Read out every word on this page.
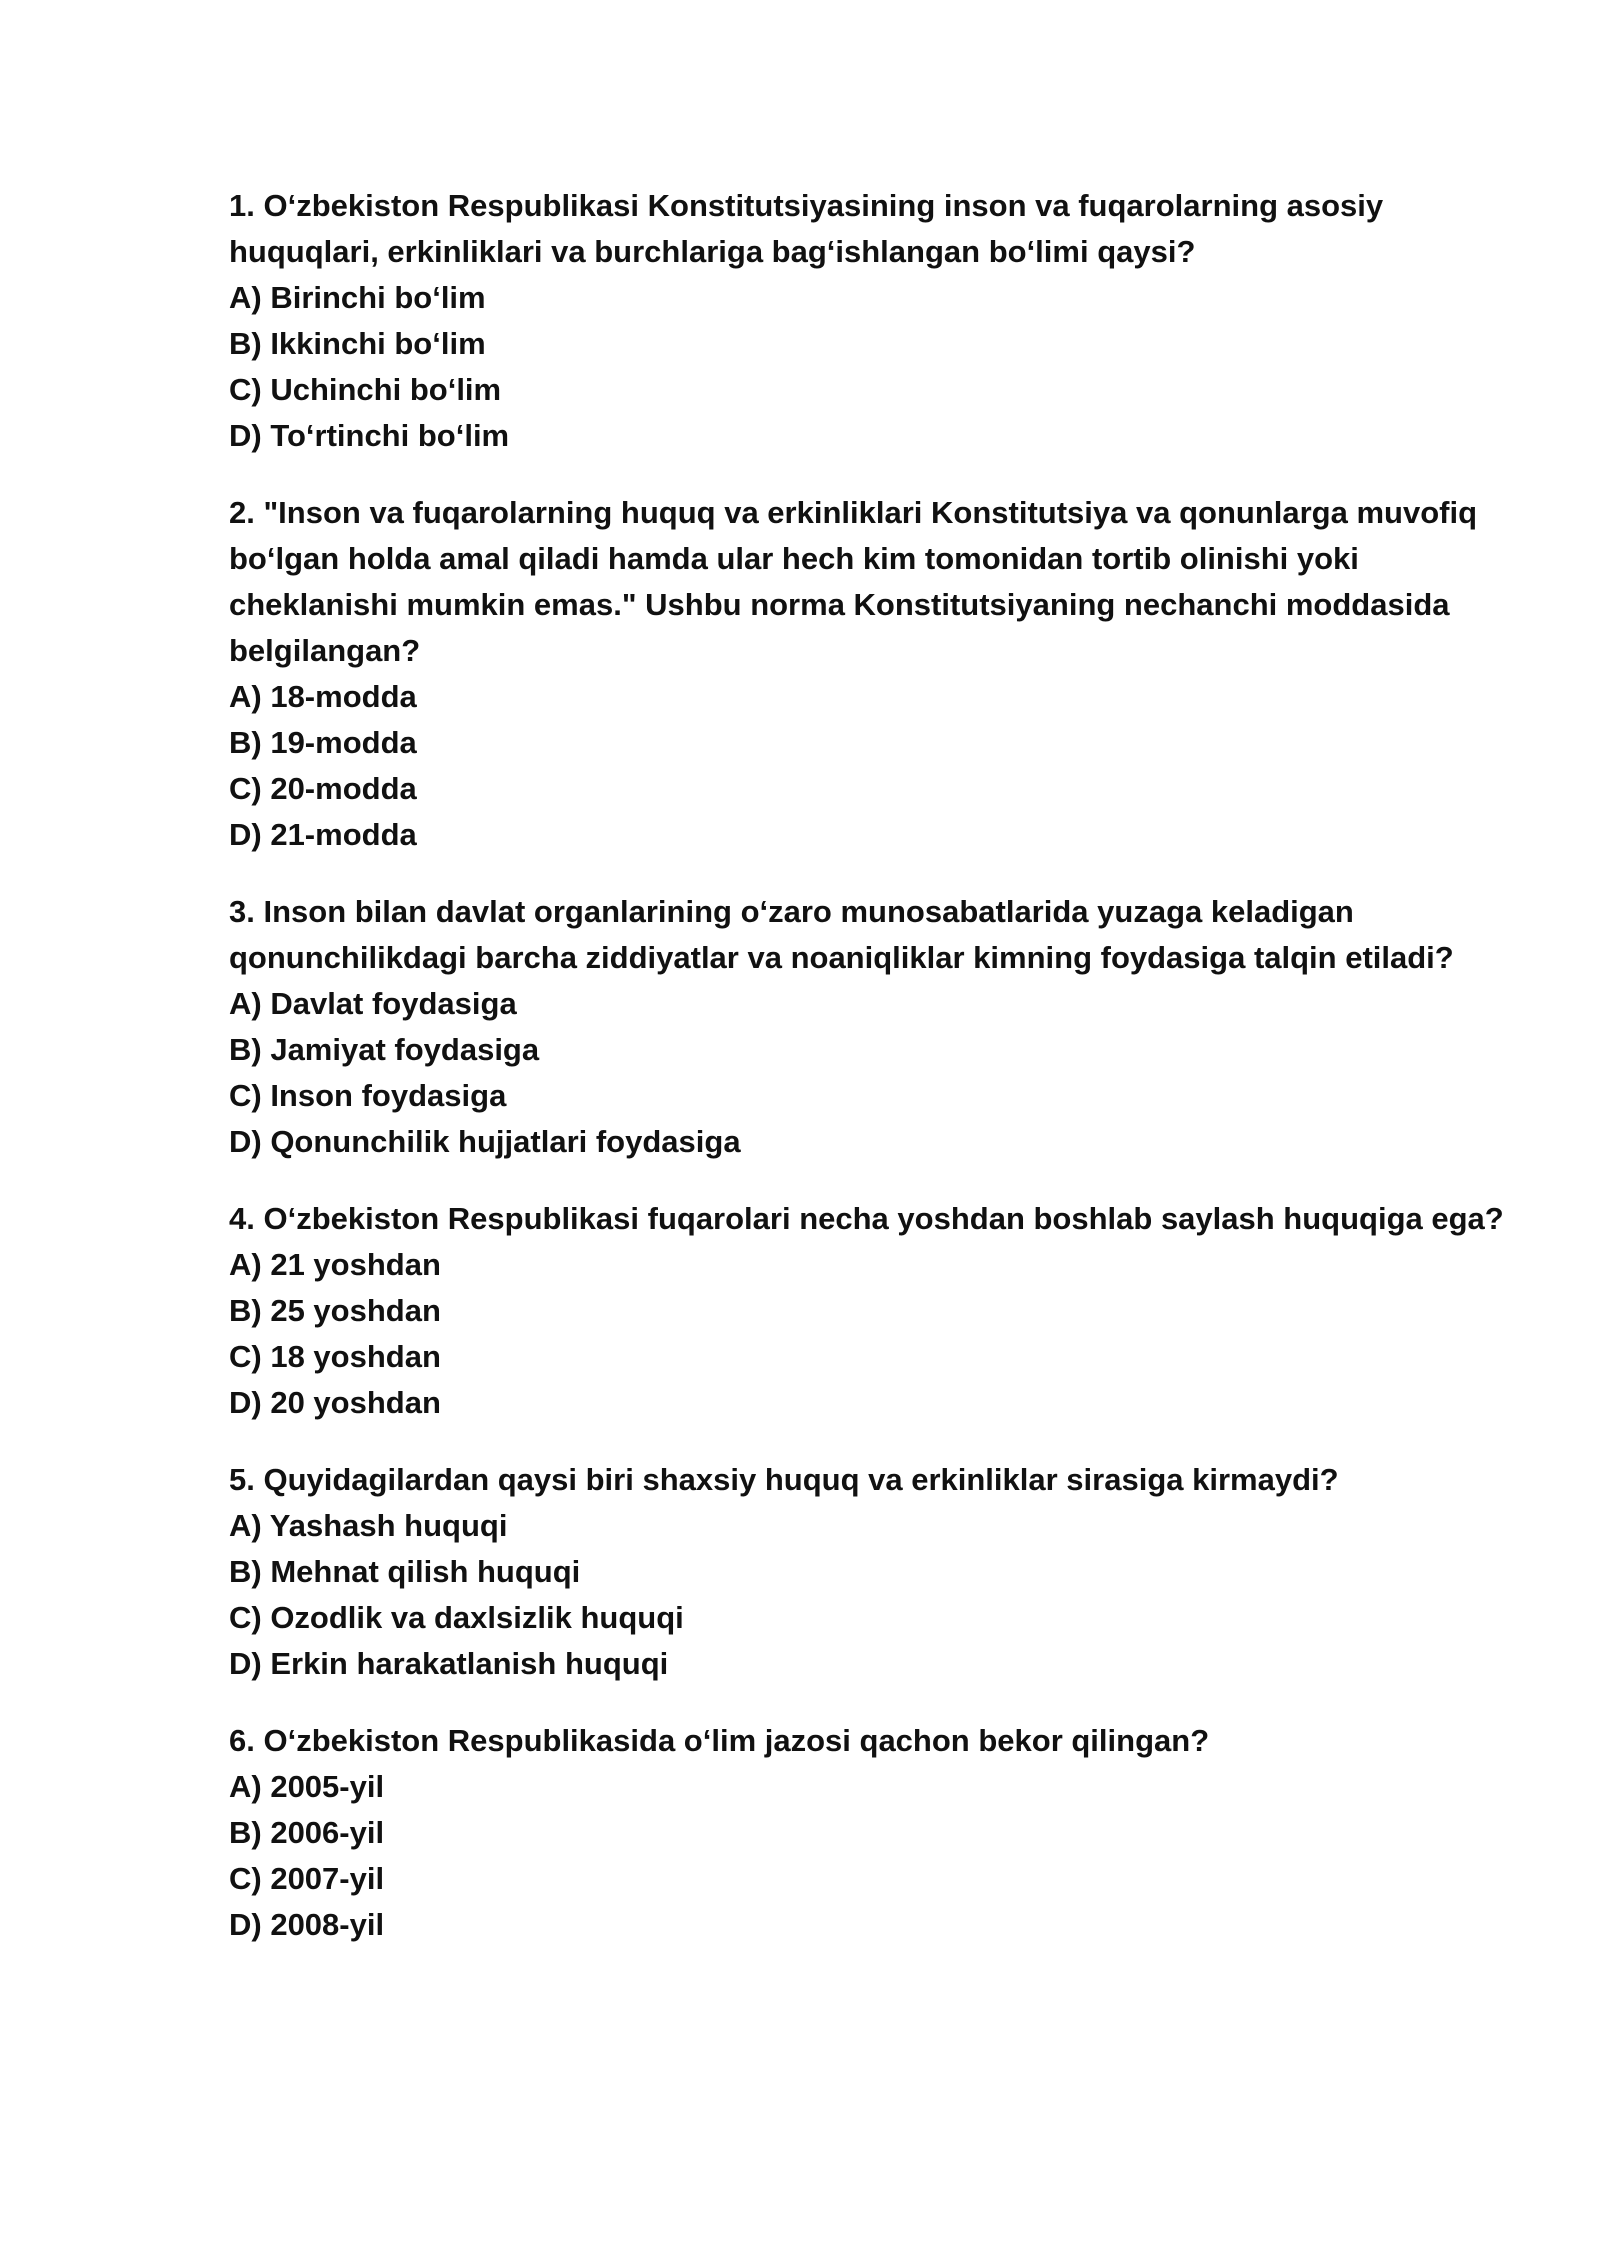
1. O‘zbekiston Respublikasi Konstitutsiyasining inson va fuqarolarning asosiy huquqlari, erkinliklari va burchlariga bag‘ishlangan bo‘limi qaysi?

A) Birinchi bo‘lim

B) Ikkinchi bo‘lim

C) Uchinchi bo‘lim

D) To‘rtinchi bo‘lim

2. "Inson va fuqarolarning huquq va erkinliklari Konstitutsiya va qonunlarga muvofiq bo‘lgan holda amal qiladi hamda ular hech kim tomonidan tortib olinishi yoki cheklanishi mumkin emas." Ushbu norma Konstitutsiyaning nechanchi moddasida belgilangan?

A) 18-modda

B) 19-modda

C) 20-modda

D) 21-modda

3. Inson bilan davlat organlarining o‘zaro munosabatlarida yuzaga keladigan qonunchilikdagi barcha ziddiyatlar va noaniqliklar kimning foydasiga talqin etiladi?

A) Davlat foydasiga

B) Jamiyat foydasiga

C) Inson foydasiga

D) Qonunchilik hujjatlari foydasiga

4. O‘zbekiston Respublikasi fuqarolari necha yoshdan boshlab saylash huquqiga ega?

A) 21 yoshdan

B) 25 yoshdan

C) 18 yoshdan

D) 20 yoshdan

5. Quyidagilardan qaysi biri shaxsiy huquq va erkinliklar sirasiga kirmaydi?

A) Yashash huquqi

B) Mehnat qilish huquqi

C) Ozodlik va daxlsizlik huquqi

D) Erkin harakatlanish huquqi

6. O‘zbekiston Respublikasida o‘lim jazosi qachon bekor qilingan?

A) 2005-yil

B) 2006-yil

C) 2007-yil

D) 2008-yil
